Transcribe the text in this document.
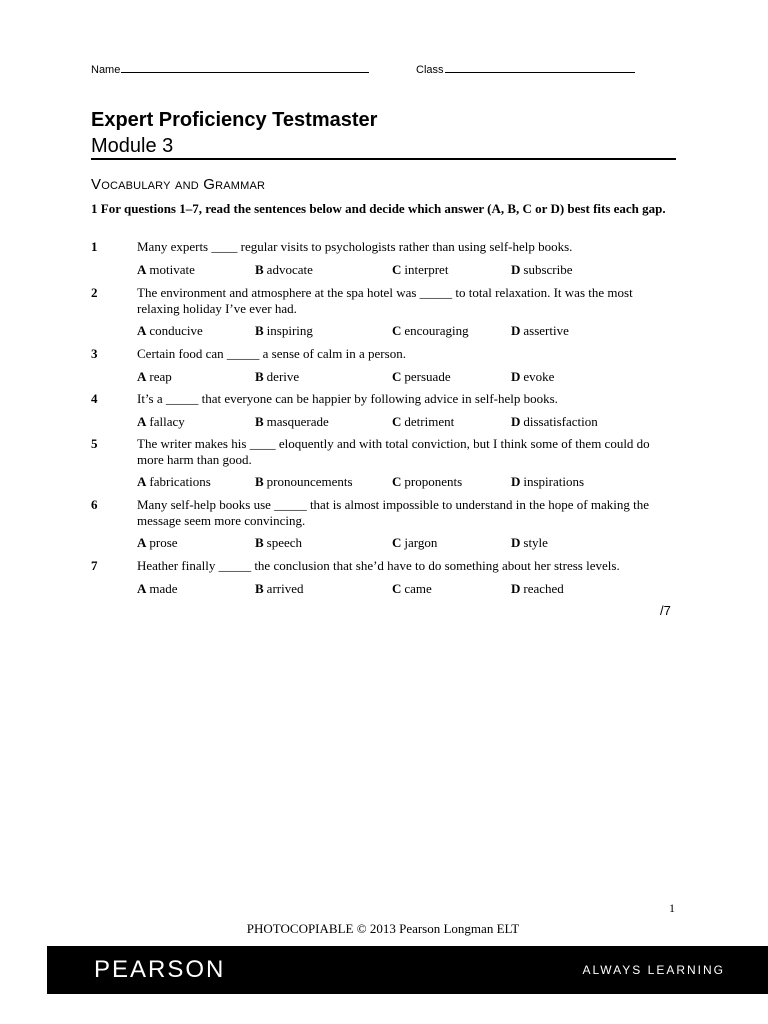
Name	Class
Expert Proficiency Testmaster
Module 3
Vocabulary and Grammar
1 For questions 1–7, read the sentences below and decide which answer (A, B, C or D) best fits each gap.
1	Many experts ____ regular visits to psychologists rather than using self-help books.
A motivate	B advocate	C interpret	D subscribe
2	The environment and atmosphere at the spa hotel was _____ to total relaxation. It was the most relaxing holiday I’ve ever had.
A conducive	B inspiring	C encouraging	D assertive
3	Certain food can _____ a sense of calm in a person.
A reap	B derive	C persuade	D evoke
4	It’s a _____ that everyone can be happier by following advice in self-help books.
A fallacy	B masquerade	C detriment	D dissatisfaction
5	The writer makes his ____ eloquently and with total conviction, but I think some of them could do more harm than good.
A fabrications	B pronouncements	C proponents	D inspirations
6	Many self-help books use _____ that is almost impossible to understand in the hope of making the message seem more convincing.
A prose	B speech	C jargon	D style
7	Heather finally _____ the conclusion that she’d have to do something about her stress levels.
A made	B arrived	C came	D reached
/7
1
PHOTOCOPIABLE © 2013 Pearson Longman ELT
PEARSON	ALWAYS LEARNING
